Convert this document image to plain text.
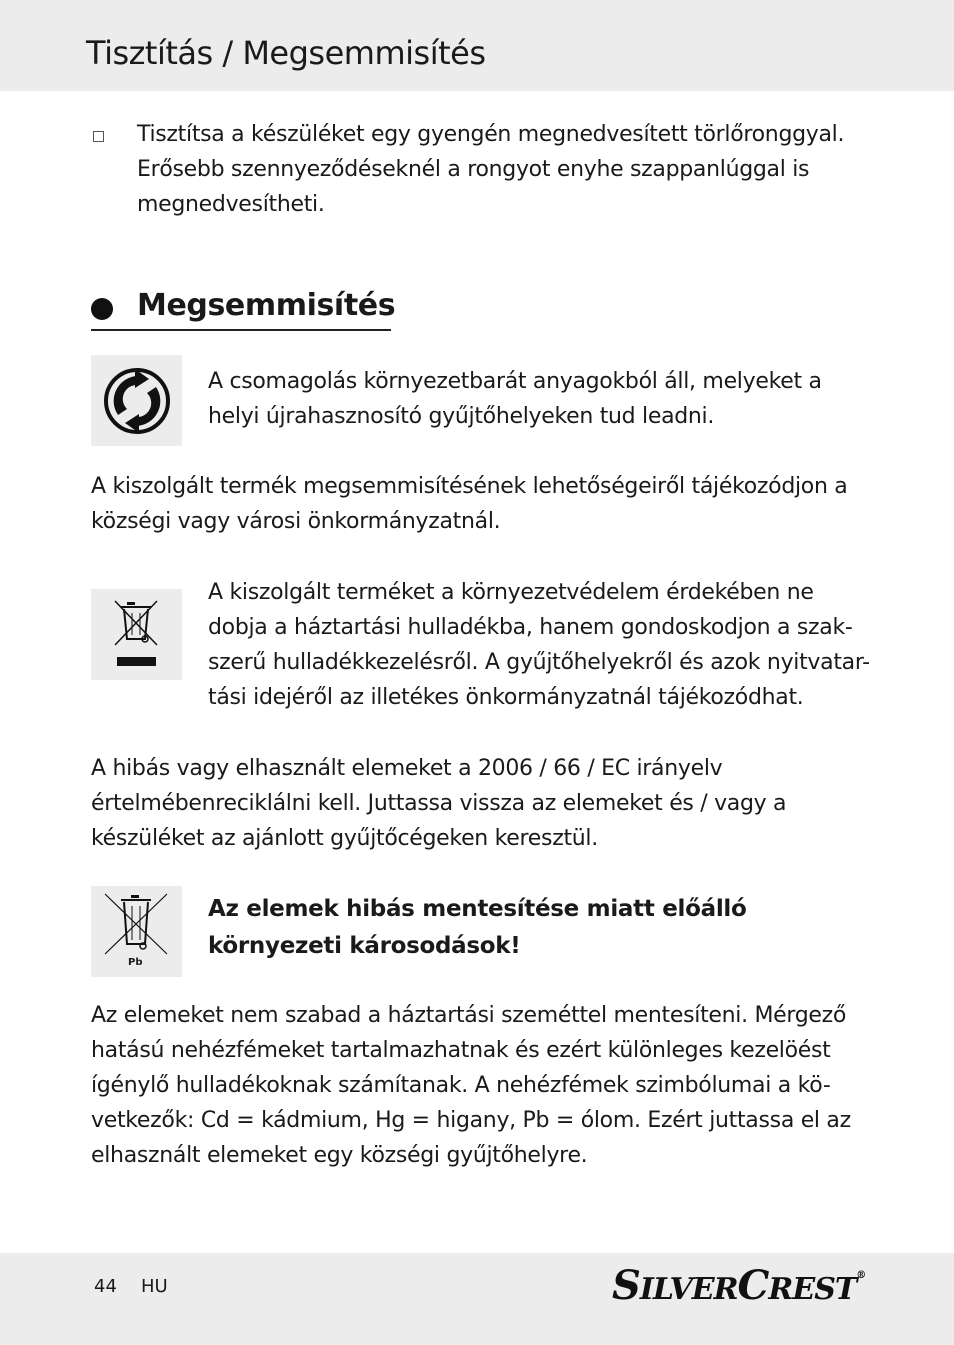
Tisztítás / Megsemmisítés

Tisztítsa a készüléket egy gyengén megnedvesített törlőronggyal.
Erősebb szennyeződéseknél a rongyot enyhe szappanlúggal is
megnedvesítheti.

Megsemmisítés

A csomagolás környezetbarát anyagokból áll, melyeket a
helyi újrahasznosító gyűjtőhelyeken tud leadni.

A kiszolgált termék megsemmisítésének lehetőségeiről tájékozódjon a
községi vagy városi önkormányzatnál.

A kiszolgált terméket a környezetvédelem érdekében ne
dobja a háztartási hulladékba, hanem gondoskodjon a szak-
szerű hulladékkezelésről. A gyűjtőhelyekről és azok nyitvatar-
tási idejéről az illetékes önkormányzatnál tájékozódhat.

A hibás vagy elhasznált elemeket a 2006 / 66 / EC irányelv
értelmébenreciklálni kell. Juttassa vissza az elemeket és / vagy a
készüléket az ajánlott gyűjtőcégeken keresztül.

Pb

Az elemek hibás mentesítése miatt előálló
környezeti károsodások!

Az elemeket nem szabad a háztartási szeméttel mentesíteni. Mérgező
hatású nehézfémeket tartalmazhatnak és ezért különleges kezelöést
ígénylő hulladékoknak számítanak. A nehézfémek szimbólumai a kö-
vetkezők: Cd = kádmium, Hg = higany, Pb = ólom. Ezért juttassa el az
elhasznált elemeket egy községi gyűjtőhelyre.

44 HU	SILVERCREST®
